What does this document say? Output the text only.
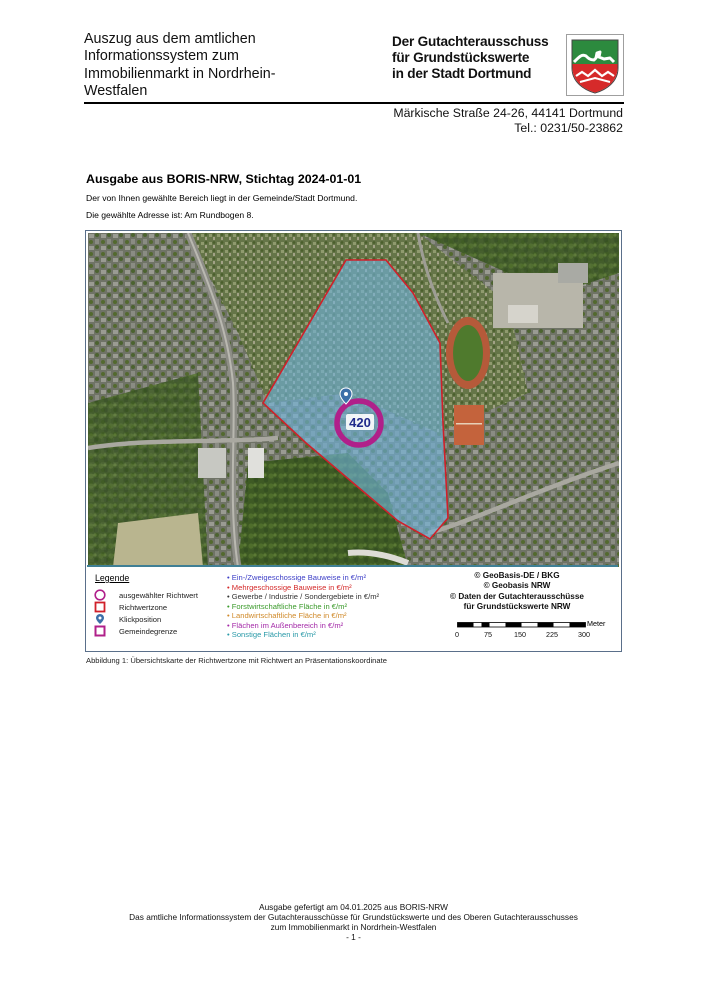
Auszug aus dem amtlichen
Informationssystem zum
Immobilienmarkt in Nordrhein-
Westfalen
Der Gutachterausschuss
für Grundstückswerte
in der Stadt Dortmund
Märkische Straße 24-26, 44141 Dortmund
Tel.: 0231/50-23862
Ausgabe aus BORIS-NRW, Stichtag 2024-01-01
Der von Ihnen gewählte Bereich liegt in der Gemeinde/Stadt Dortmund.
Die gewählte Adresse ist: Am Rundbogen 8.
420
Legende
ausgewählter Richtwert
Richtwertzone
Klickposition
Gemeindegrenze
• Ein-/Zweigeschossige Bauweise in €/m²
• Mehrgeschossige Bauweise in €/m²
• Gewerbe / Industrie / Sondergebiete in €/m²
• Forstwirtschaftliche Fläche in €/m²
• Landwirtschaftliche Fläche in €/m²
• Flächen im Außenbereich in €/m²
• Sonstige Flächen in €/m²
© GeoBasis-DE / BKG
© Geobasis NRW
© Daten der Gutachterausschüsse
für Grundstückswerte NRW
Meter
0	75	150	225	300
Abbildung 1: Übersichtskarte der Richtwertzone mit Richtwert an Präsentationskoordinate
Ausgabe gefertigt am 04.01.2025 aus BORIS-NRW
Das amtliche Informationssystem der Gutachterausschüsse für Grundstückswerte und des Oberen Gutachterausschusses
zum Immobilienmarkt in Nordrhein-Westfalen
- 1 -
